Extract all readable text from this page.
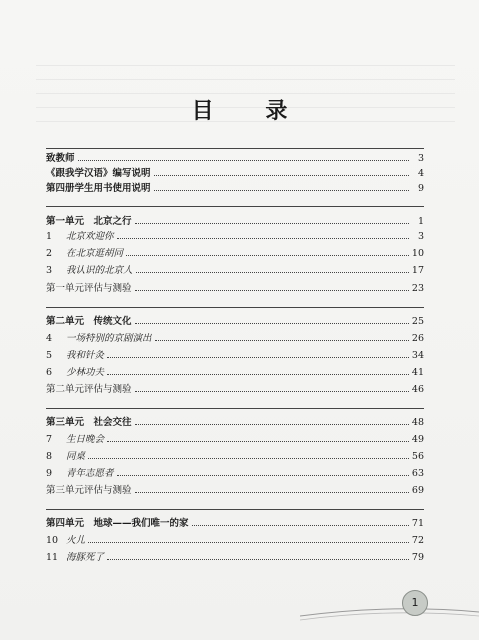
目 录
致教师	3
《跟我学汉语》编写说明	4
第四册学生用书使用说明	9
第一单元　北京之行	1
1	北京欢迎你	3
2	在北京逛胡同	10
3	我认识的北京人	17
第一单元评估与测验	23
第二单元　传统文化	25
4	一场特别的京剧演出	26
5	我和针灸	34
6	少林功夫	41
第二单元评估与测验	46
第三单元　社会交往	48
7	生日晚会	49
8	同桌	56
9	青年志愿者	63
第三单元评估与测验	69
第四单元　地球——我们唯一的家	71
10 火儿	72
11 海豚死了	79
1
